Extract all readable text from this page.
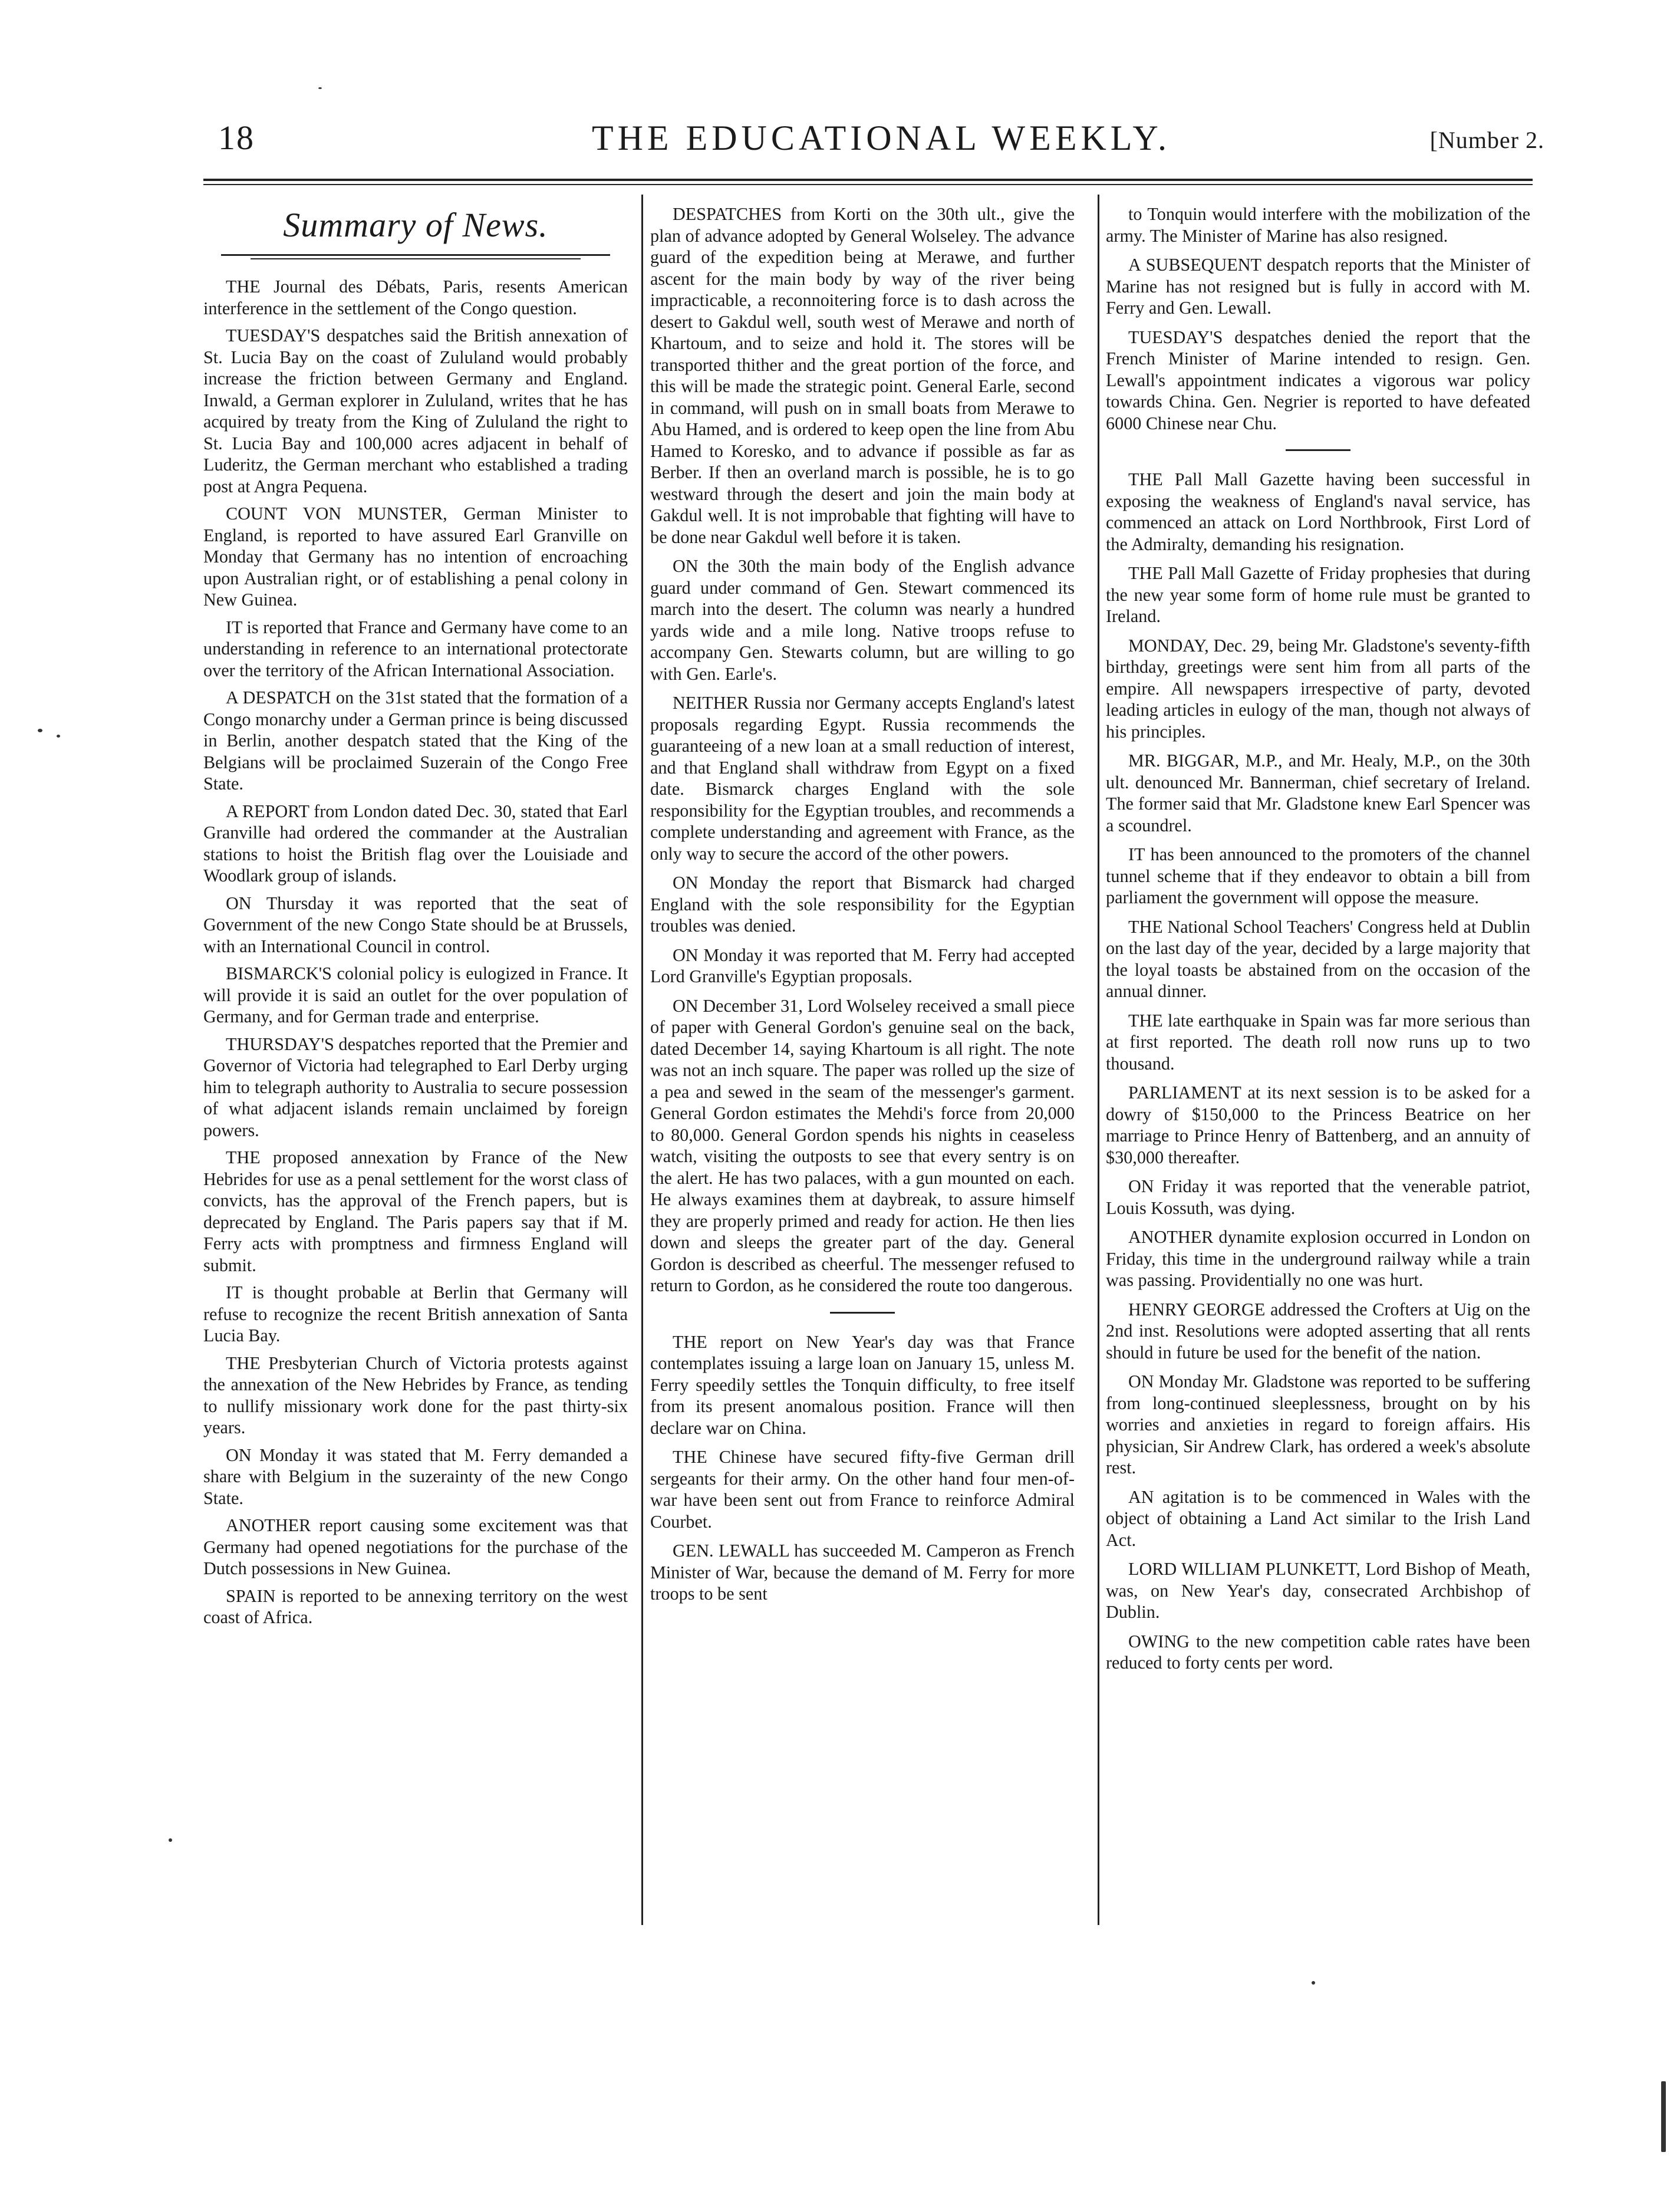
18	THE EDUCATIONAL WEEKLY.	[Number 2.
Summary of News.

THE Journal des Débats, Paris, resents American interference in the settlement of the Congo question.

TUESDAY'S despatches said the British annexation of St. Lucia Bay on the coast of Zululand would probably increase the friction between Germany and England. Inwald, a German explorer in Zululand, writes that he has acquired by treaty from the King of Zululand the right to St. Lucia Bay and 100,000 acres adjacent in behalf of Luderitz, the German merchant who established a trading post at Angra Pequena.

COUNT VON MUNSTER, German Minister to England, is reported to have assured Earl Granville on Monday that Germany has no intention of encroaching upon Australian right, or of establishing a penal colony in New Guinea.

IT is reported that France and Germany have come to an understanding in reference to an international protectorate over the territory of the African International Association.

A DESPATCH on the 31st stated that the formation of a Congo monarchy under a German prince is being discussed in Berlin, another despatch stated that the King of the Belgians will be proclaimed Suzerain of the Congo Free State.

A REPORT from London dated Dec. 30, stated that Earl Granville had ordered the commander at the Australian stations to hoist the British flag over the Louisiade and Woodlark group of islands.

ON Thursday it was reported that the seat of Government of the new Congo State should be at Brussels, with an International Council in control.

BISMARCK'S colonial policy is eulogized in France. It will provide it is said an outlet for the over population of Germany, and for German trade and enterprise.

THURSDAY'S despatches reported that the Premier and Governor of Victoria had telegraphed to Earl Derby urging him to telegraph authority to Australia to secure possession of what adjacent islands remain unclaimed by foreign powers.

THE proposed annexation by France of the New Hebrides for use as a penal settlement for the worst class of convicts, has the approval of the French papers, but is deprecated by England. The Paris papers say that if M. Ferry acts with promptness and firmness England will submit.

IT is thought probable at Berlin that Germany will refuse to recognize the recent British annexation of Santa Lucia Bay.

THE Presbyterian Church of Victoria protests against the annexation of the New Hebrides by France, as tending to nullify missionary work done for the past thirty-six years.

ON Monday it was stated that M. Ferry demanded a share with Belgium in the suzerainty of the new Congo State.

ANOTHER report causing some excitement was that Germany had opened negotiations for the purchase of the Dutch possessions in New Guinea.

SPAIN is reported to be annexing territory on the west coast of Africa.

DESPATCHES from Korti on the 30th ult., give the plan of advance adopted by General Wolseley. The advance guard of the expedition being at Merawe, and further ascent for the main body by way of the river being impracticable, a reconnoitering force is to dash across the desert to Gakdul well, south west of Merawe and north of Khartoum, and to seize and hold it. The stores will be transported thither and the great portion of the force, and this will be made the strategic point. General Earle, second in command, will push on in small boats from Merawe to Abu Hamed, and is ordered to keep open the line from Abu Hamed to Koresko, and to advance if possible as far as Berber. If then an overland march is possible, he is to go westward through the desert and join the main body at Gakdul well. It is not improbable that fighting will have to be done near Gakdul well before it is taken.

ON the 30th the main body of the English advance guard under command of Gen. Stewart commenced its march into the desert. The column was nearly a hundred yards wide and a mile long. Native troops refuse to accompany Gen. Stewarts column, but are willing to go with Gen. Earle's.

NEITHER Russia nor Germany accepts England's latest proposals regarding Egypt. Russia recommends the guaranteeing of a new loan at a small reduction of interest, and that England shall withdraw from Egypt on a fixed date. Bismarck charges England with the sole responsibility for the Egyptian troubles, and recommends a complete understanding and agreement with France, as the only way to secure the accord of the other powers.

ON Monday the report that Bismarck had charged England with the sole responsibility for the Egyptian troubles was denied.

ON Monday it was reported that M. Ferry had accepted Lord Granville's Egyptian proposals.

ON December 31, Lord Wolseley received a small piece of paper with General Gordon's genuine seal on the back, dated December 14, saying Khartoum is all right. The note was not an inch square. The paper was rolled up the size of a pea and sewed in the seam of the messenger's garment. General Gordon estimates the Mehdi's force from 20,000 to 80,000. General Gordon spends his nights in ceaseless watch, visiting the outposts to see that every sentry is on the alert. He has two palaces, with a gun mounted on each. He always examines them at daybreak, to assure himself they are properly primed and ready for action. He then lies down and sleeps the greater part of the day. General Gordon is described as cheerful. The messenger refused to return to Gordon, as he considered the route too dangerous.

THE report on New Year's day was that France contemplates issuing a large loan on January 15, unless M. Ferry speedily settles the Tonquin difficulty, to free itself from its present anomalous position. France will then declare war on China.

THE Chinese have secured fifty-five German drill sergeants for their army. On the other hand four men-of-war have been sent out from France to reinforce Admiral Courbet.

GEN. LEWALL has succeeded M. Camperon as French Minister of War, because the demand of M. Ferry for more troops to be sent

to Tonquin would interfere with the mobilization of the army. The Minister of Marine has also resigned.

A SUBSEQUENT despatch reports that the Minister of Marine has not resigned but is fully in accord with M. Ferry and Gen. Lewall.

TUESDAY'S despatches denied the report that the French Minister of Marine intended to resign. Gen. Lewall's appointment indicates a vigorous war policy towards China. Gen. Negrier is reported to have defeated 6000 Chinese near Chu.

THE Pall Mall Gazette having been successful in exposing the weakness of England's naval service, has commenced an attack on Lord Northbrook, First Lord of the Admiralty, demanding his resignation.

THE Pall Mall Gazette of Friday prophesies that during the new year some form of home rule must be granted to Ireland.

MONDAY, Dec. 29, being Mr. Gladstone's seventy-fifth birthday, greetings were sent him from all parts of the empire. All newspapers irrespective of party, devoted leading articles in eulogy of the man, though not always of his principles.

MR. BIGGAR, M.P., and Mr. Healy, M.P., on the 30th ult. denounced Mr. Bannerman, chief secretary of Ireland. The former said that Mr. Gladstone knew Earl Spencer was a scoundrel.

IT has been announced to the promoters of the channel tunnel scheme that if they endeavor to obtain a bill from parliament the government will oppose the measure.

THE National School Teachers' Congress held at Dublin on the last day of the year, decided by a large majority that the loyal toasts be abstained from on the occasion of the annual dinner.

THE late earthquake in Spain was far more serious than at first reported. The death roll now runs up to two thousand.

PARLIAMENT at its next session is to be asked for a dowry of $150,000 to the Princess Beatrice on her marriage to Prince Henry of Battenberg, and an annuity of $30,000 thereafter.

ON Friday it was reported that the venerable patriot, Louis Kossuth, was dying.

ANOTHER dynamite explosion occurred in London on Friday, this time in the underground railway while a train was passing. Providentially no one was hurt.

HENRY GEORGE addressed the Crofters at Uig on the 2nd inst. Resolutions were adopted asserting that all rents should in future be used for the benefit of the nation.

ON Monday Mr. Gladstone was reported to be suffering from long-continued sleeplessness, brought on by his worries and anxieties in regard to foreign affairs. His physician, Sir Andrew Clark, has ordered a week's absolute rest.

AN agitation is to be commenced in Wales with the object of obtaining a Land Act similar to the Irish Land Act.

LORD WILLIAM PLUNKETT, Lord Bishop of Meath, was, on New Year's day, consecrated Archbishop of Dublin.

OWING to the new competition cable rates have been reduced to forty cents per word.
